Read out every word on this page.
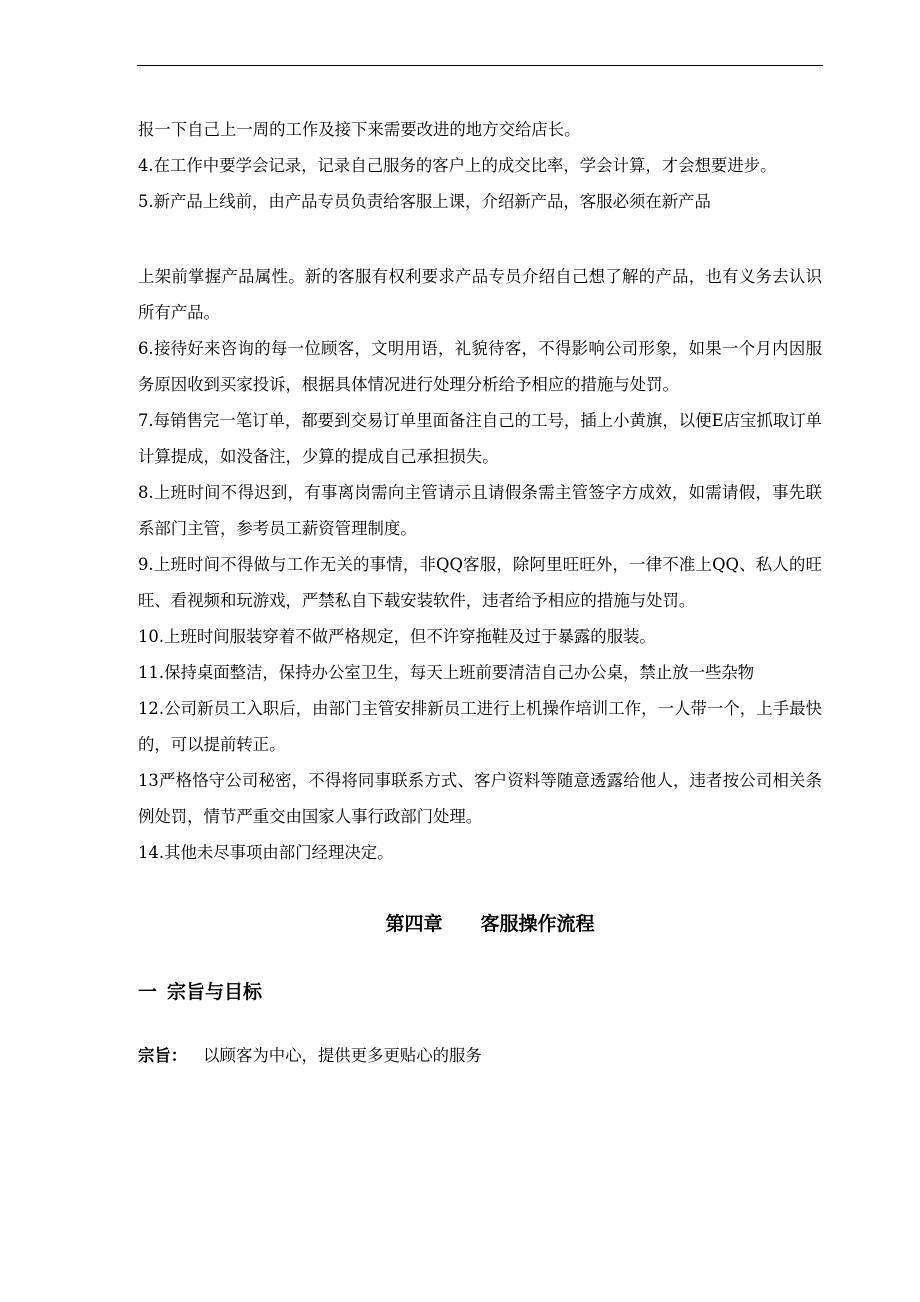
报一下自己上一周的工作及接下来需要改进的地方交给店长。

4.在工作中要学会记录，记录自己服务的客户上的成交比率，学会计算，才会想要进步。

5.新产品上线前，由产品专员负责给客服上课，介绍新产品，客服必须在新产品

上架前掌握产品属性。新的客服有权利要求产品专员介绍自己想了解的产品，也有义务去认识所有产品。

6.接待好来咨询的每一位顾客，文明用语，礼貌待客，不得影响公司形象，如果一个月内因服务原因收到买家投诉，根据具体情况进行处理分析给予相应的措施与处罚。

7.每销售完一笔订单，都要到交易订单里面备注自己的工号，插上小黄旗，以便E店宝抓取订单计算提成，如没备注，少算的提成自己承担损失。

8.上班时间不得迟到，有事离岗需向主管请示且请假条需主管签字方成效，如需请假，事先联系部门主管，参考员工薪资管理制度。

9.上班时间不得做与工作无关的事情，非QQ客服，除阿里旺旺外，一律不准上QQ、私人的旺旺、看视频和玩游戏，严禁私自下载安装软件，违者给予相应的措施与处罚。

10.上班时间服装穿着不做严格规定，但不许穿拖鞋及过于暴露的服装。

11.保持桌面整洁，保持办公室卫生，每天上班前要清洁自己办公桌，禁止放一些杂物

12.公司新员工入职后，由部门主管安排新员工进行上机操作培训工作，一人带一个，上手最快的，可以提前转正。

13严格恪守公司秘密，不得将同事联系方式、客户资料等随意透露给他人，违者按公司相关条例处罚，情节严重交由国家人事行政部门处理。

14.其他未尽事项由部门经理决定。

第四章 客服操作流程
一 宗旨与目标
宗旨： 以顾客为中心，提供更多更贴心的服务
